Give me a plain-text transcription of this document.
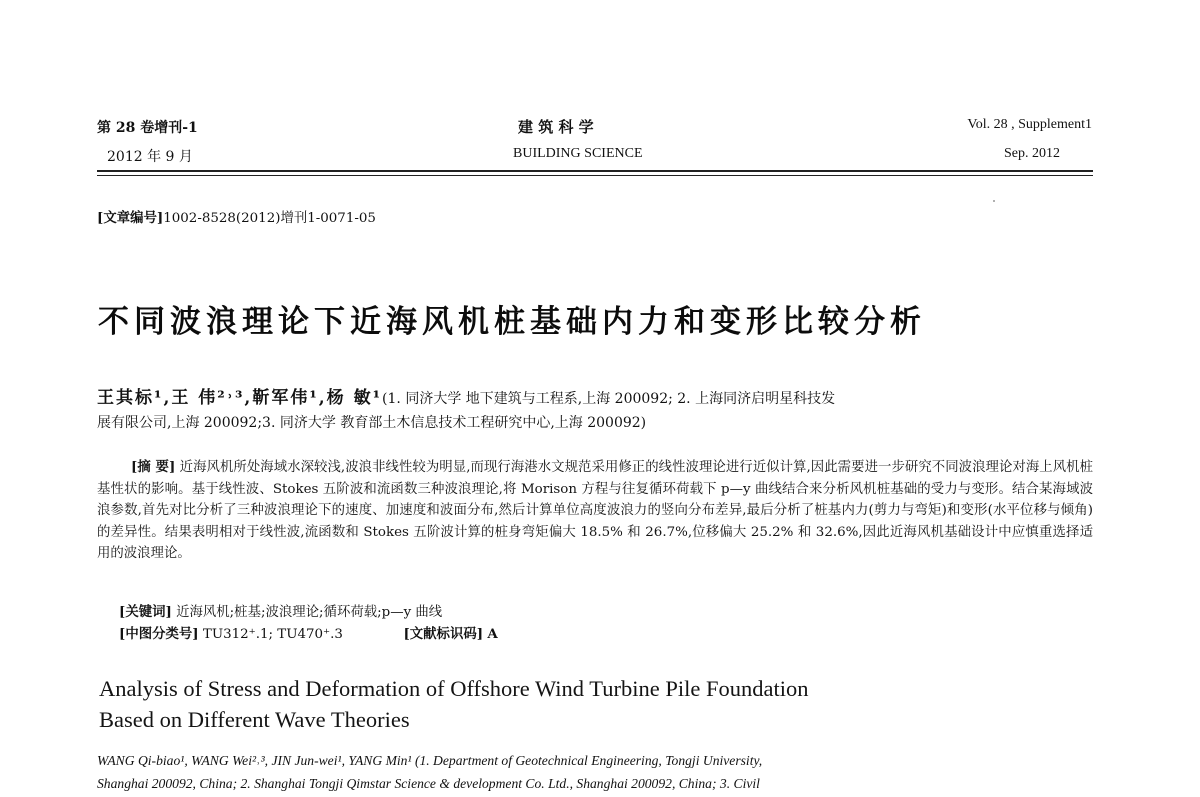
第 28 卷增刊-1
2012 年 9 月
建 筑 科 学
BUILDING SCIENCE
Vol. 28 , Supplement1
Sep. 2012
[文章编号]1002-8528(2012)增刊1-0071-05
不同波浪理论下近海风机桩基础内力和变形比较分析
王其标¹,王 伟²˒³,靳军伟¹,杨 敏¹(1. 同济大学 地下建筑与工程系,上海 200092; 2. 上海同济启明星科技发
展有限公司,上海 200092;3. 同济大学 教育部土木信息技术工程研究中心,上海 200092)

[摘 要] 近海风机所处海域水深较浅,波浪非线性较为明显,而现行海港水文规范采用修正的线性波理论进行近似计算,因此需要进一步研究不同波浪理论对海上风机桩基性状的影响。基于线性波、Stokes 五阶波和流函数三种波浪理论,将 Morison 方程与往复循环荷载下 p—y 曲线结合来分析风机桩基础的受力与变形。结合某海域波浪参数,首先对比分析了三种波浪理论下的速度、加速度和波面分布,然后计算单位高度波浪力的竖向分布差异,最后分析了桩基内力(剪力与弯矩)和变形(水平位移与倾角)的差异性。结果表明相对于线性波,流函数和 Stokes 五阶波计算的桩身弯矩偏大 18.5% 和 26.7%,位移偏大 25.2% 和 32.6%,因此近海风机基础设计中应慎重选择适用的波浪理论。

[关键词] 近海风机;桩基;波浪理论;循环荷载;p—y 曲线
[中图分类号] TU312⁺.1; TU470⁺.3	[文献标识码] A
Analysis of Stress and Deformation of Offshore Wind Turbine Pile Foundation
Based on Different Wave Theories
WANG Qi-biao¹, WANG Wei²˒³, JIN Jun-wei¹, YANG Min¹ (1. Department of Geotechnical Engineering, Tongji University,
Shanghai 200092, China; 2. Shanghai Tongji Qimstar Science & development Co. Ltd., Shanghai 200092, China; 3. Civil
